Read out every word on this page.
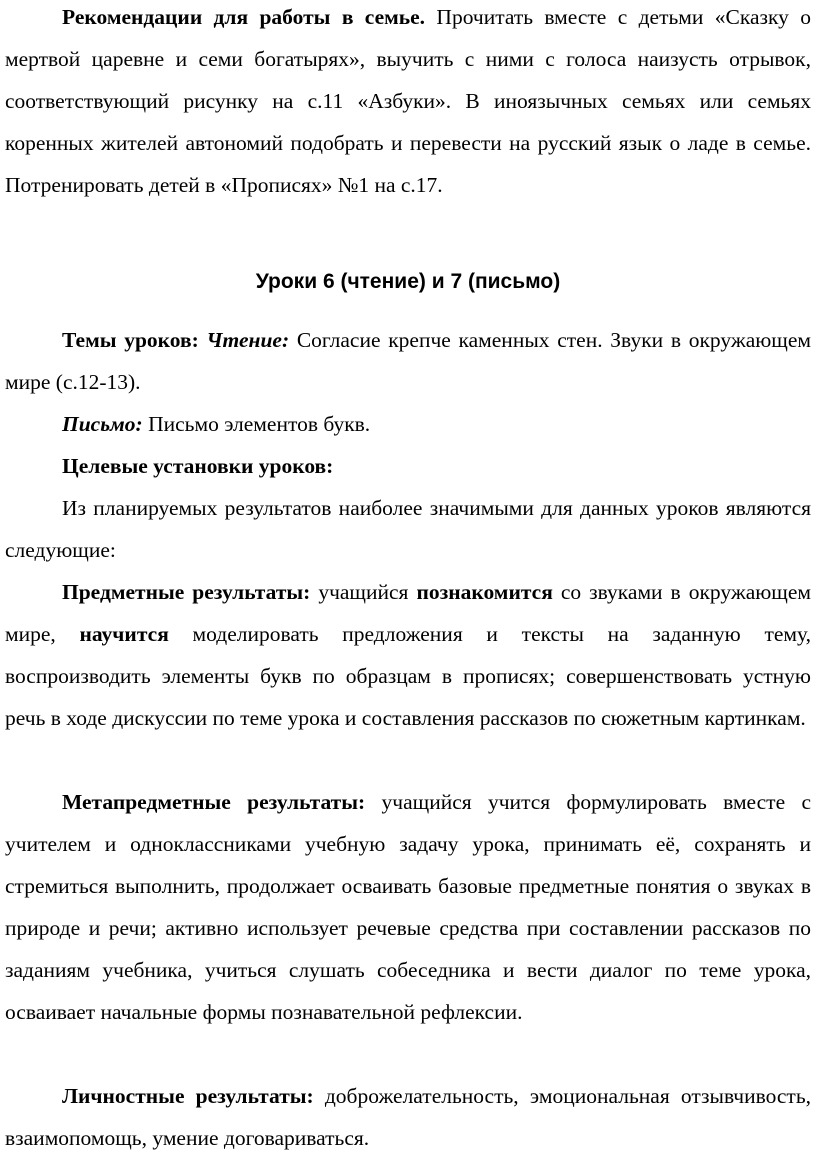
Рекомендации для работы в семье. Прочитать вместе с детьми «Сказку о мертвой царевне и семи богатырях», выучить с ними с голоса наизусть отрывок, соответствующий рисунку на с.11 «Азбуки». В иноязычных семьях или семьях коренных жителей автономий подобрать и перевести на русский язык о ладе в семье. Потренировать детей в «Прописях» №1 на с.17.

Уроки 6 (чтение) и 7 (письмо)

Темы уроков: Чтение: Согласие крепче каменных стен. Звуки в окружающем мире (с.12-13).

Письмо: Письмо элементов букв.

Целевые установки уроков:

Из планируемых результатов наиболее значимыми для данных уроков являются следующие:

Предметные результаты: учащийся познакомится со звуками в окружающем мире, научится моделировать предложения и тексты на заданную тему, воспроизводить элементы букв по образцам в прописях; совершенствовать устную речь в ходе дискуссии по теме урока и составления рассказов по сюжетным картинкам.

Метапредметные результаты: учащийся учится формулировать вместе с учителем и одноклассниками учебную задачу урока, принимать её, сохранять и стремиться выполнить, продолжает осваивать базовые предметные понятия о звуках в природе и речи; активно использует речевые средства при составлении рассказов по заданиям учебника, учиться слушать собеседника и вести диалог по теме урока, осваивает начальные формы познавательной рефлексии.

Личностные результаты: доброжелательность, эмоциональная отзывчивость, взаимопомощь, умение договариваться.
